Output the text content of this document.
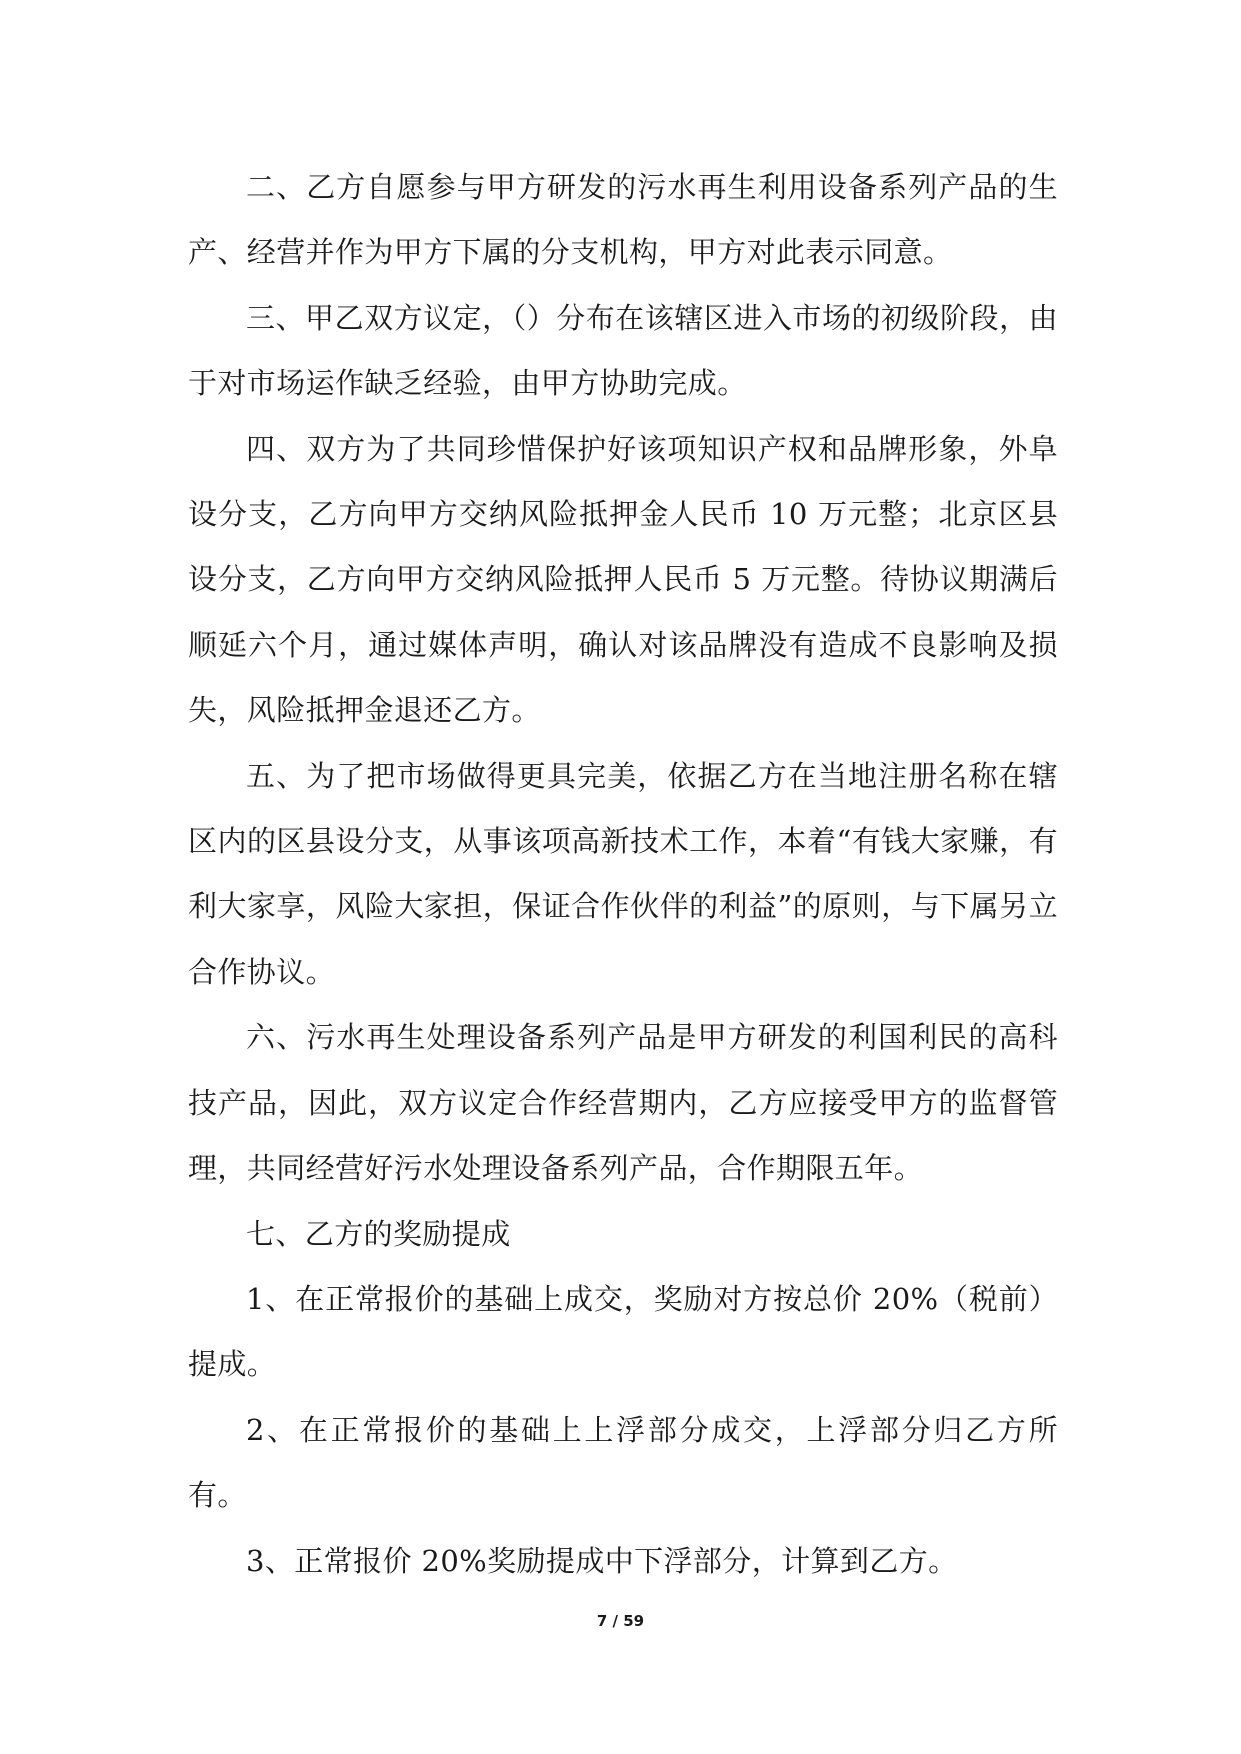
二、乙方自愿参与甲方研发的污水再生利用设备系列产品的生产、经营并作为甲方下属的分支机构，甲方对此表示同意。

三、甲乙双方议定，（）分布在该辖区进入市场的初级阶段，由于对市场运作缺乏经验，由甲方协助完成。

四、双方为了共同珍惜保护好该项知识产权和品牌形象，外阜设分支，乙方向甲方交纳风险抵押金人民币 10 万元整；北京区县设分支，乙方向甲方交纳风险抵押人民币 5 万元整。待协议期满后顺延六个月，通过媒体声明，确认对该品牌没有造成不良影响及损失，风险抵押金退还乙方。

五、为了把市场做得更具完美，依据乙方在当地注册名称在辖区内的区县设分支，从事该项高新技术工作，本着“有钱大家赚，有利大家享，风险大家担，保证合作伙伴的利益”的原则，与下属另立合作协议。

六、污水再生处理设备系列产品是甲方研发的利国利民的高科技产品，因此，双方议定合作经营期内，乙方应接受甲方的监督管理，共同经营好污水处理设备系列产品，合作期限五年。

七、乙方的奖励提成

1、在正常报价的基础上成交，奖励对方按总价 20%（税前）提成。

2、在正常报价的基础上上浮部分成交，上浮部分归乙方所有。

3、正常报价 20%奖励提成中下浮部分，计算到乙方。

7 / 59
